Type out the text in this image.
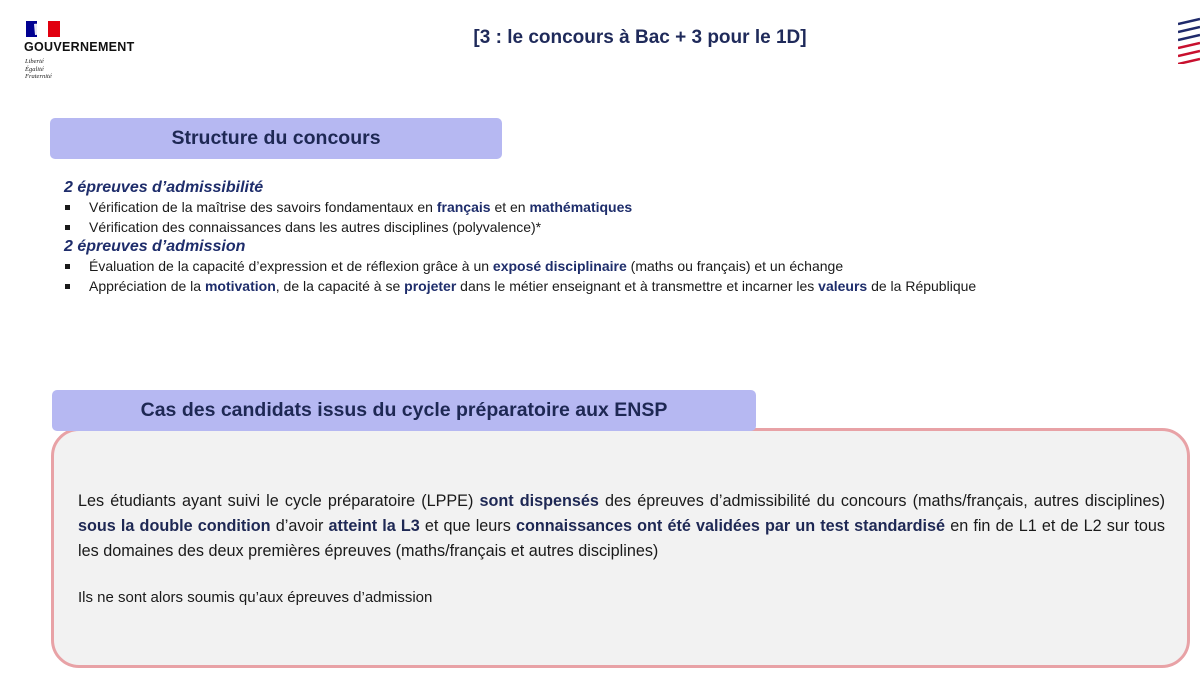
GOUVERNEMENT
Liberté
Égalité
Fraternité
[3 : le concours à Bac + 3 pour le 1D]
Structure du concours
2 épreuves d’admissibilité
Vérification de la maîtrise des savoirs fondamentaux en français et en mathématiques
Vérification des connaissances dans les autres disciplines (polyvalence)*
2 épreuves d’admission
Évaluation de la capacité d’expression et de réflexion grâce à un exposé disciplinaire (maths ou français) et un échange
Appréciation de la motivation, de la capacité à se projeter dans le métier enseignant et à transmettre et incarner les valeurs de la République
Cas des candidats issus du cycle préparatoire aux ENSP

Les étudiants ayant suivi le cycle préparatoire (LPPE) sont dispensés des épreuves d’admissibilité du concours (maths/français, autres disciplines) sous la double condition d’avoir atteint la L3 et que leurs connaissances ont été validées par un test standardisé en fin de L1 et de L2 sur tous les domaines des deux premières épreuves (maths/français et autres disciplines)

Ils ne sont alors soumis qu’aux épreuves d’admission
